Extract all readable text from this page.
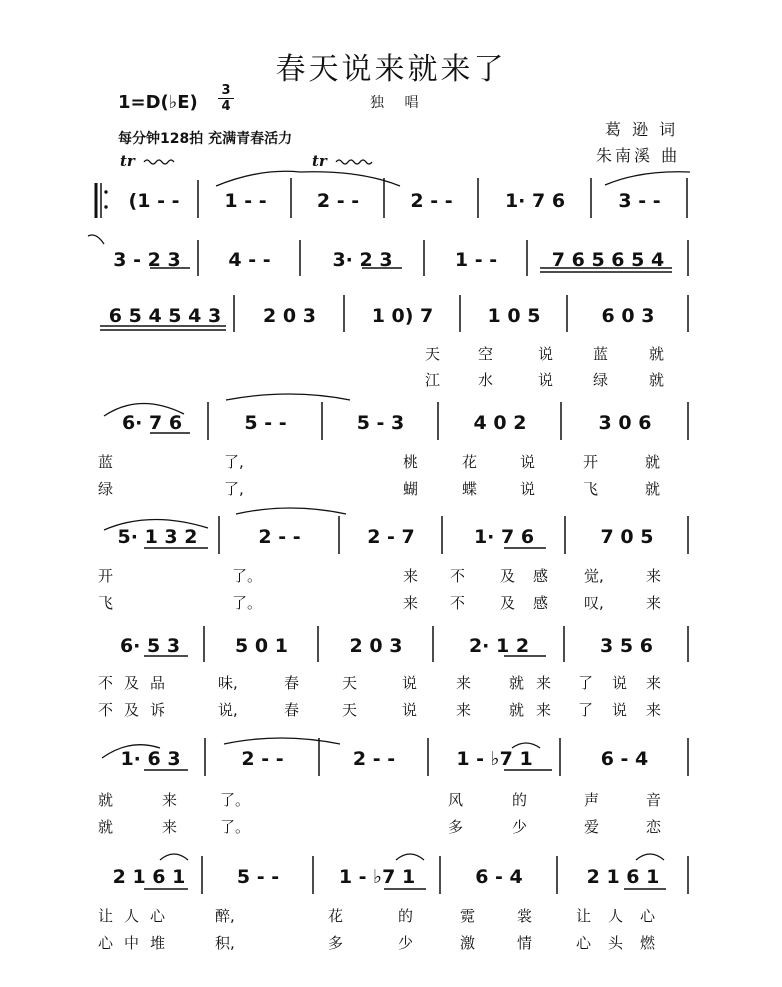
春天说来就来了
1=D(♭E)
3
4	独 唱
每分钟128拍 充满青春活力	葛 逊 词
朱南溪 曲
tr	tr
(1 - -	1 - -	2 - -	2 - -	1· 7 6	3 - -
3 - 2 3	4 - -	3· 2 3	1 - -	7 6 5 6 5 4
6 5 4 5 4 3	2 0 3	1 0) 7	1 0 5	6 0 3
6· 7 6	5 - -	5 - 3	4 0 2	3 0 6
5· 1 3 2	2 - -	2 - 7	1· 7 6	7 0 5
6· 5 3	5 0 1	2 0 3	2· 1 2	3 5 6
1· 6 3	2 - -	2 - -	1 - ♭7 1	6 - 4
2 1 6 1	5 - -	1 - ♭7 1	6 - 4	2 1 6 1
天	空	说	蓝	就
江	水	说	绿	就
蓝	了,	桃	花	说	开	就
绿	了,	蝴	蝶	说	飞	就
开	了。	来 不 及 感 觉,	来
飞	了。	来 不 及 感 叹,	来
不 及 品	味,	春	天	说	来	就 来 了 说 来
不 及 诉	说,	春	天	说	来	就 来 了 说 来
就	来	了。	风	的	声	音
就	来	了。	多	少	爱	恋
让 人 心	醉,	花	的	霓	裳	让 人 心
心 中 堆	积,	多	少	激	情	心 头 燃
